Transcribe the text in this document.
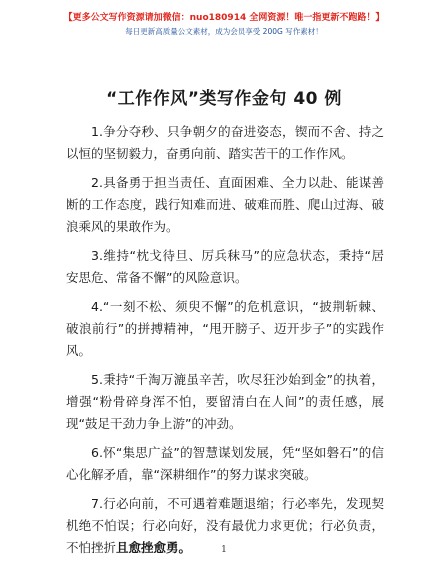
【更多公文写作资源请加微信：nuo180914 全网资源！唯一指更新不跑路！】
每日更新高质量公文素材，成为会员享受 200G 写作素材！
“工作作风”类写作金句 40 例

1.争分夺秒、只争朝夕的奋进姿态，锲而不舍、持之以恒的坚韧毅力，奋勇向前、踏实苦干的工作作风。

2.具备勇于担当责任、直面困难、全力以赴、能谋善断的工作态度，践行知难而进、破难而胜、爬山过海、破浪乘风的果敢作为。

3.维持“枕戈待旦、厉兵秣马”的应急状态，秉持“居安思危、常备不懈”的风险意识。

4.“一刻不松、须臾不懈”的危机意识，“披荆斩棘、破浪前行”的拼搏精神，“甩开膀子、迈开步子”的实践作风。

5.秉持“千淘万漉虽辛苦，吹尽狂沙始到金”的执着，增强“粉骨碎身浑不怕，要留清白在人间”的责任感，展现“鼓足干劲力争上游”的冲劲。

6.怀“集思广益”的智慧谋划发展，凭“坚如磐石”的信心化解矛盾，靠“深耕细作”的努力谋求突破。

7.行必向前，不可遇着难题退缩；行必率先，发现契机绝不怕误；行必向好，没有最优力求更优；行必负责，不怕挫折且愈挫愈勇。	1
